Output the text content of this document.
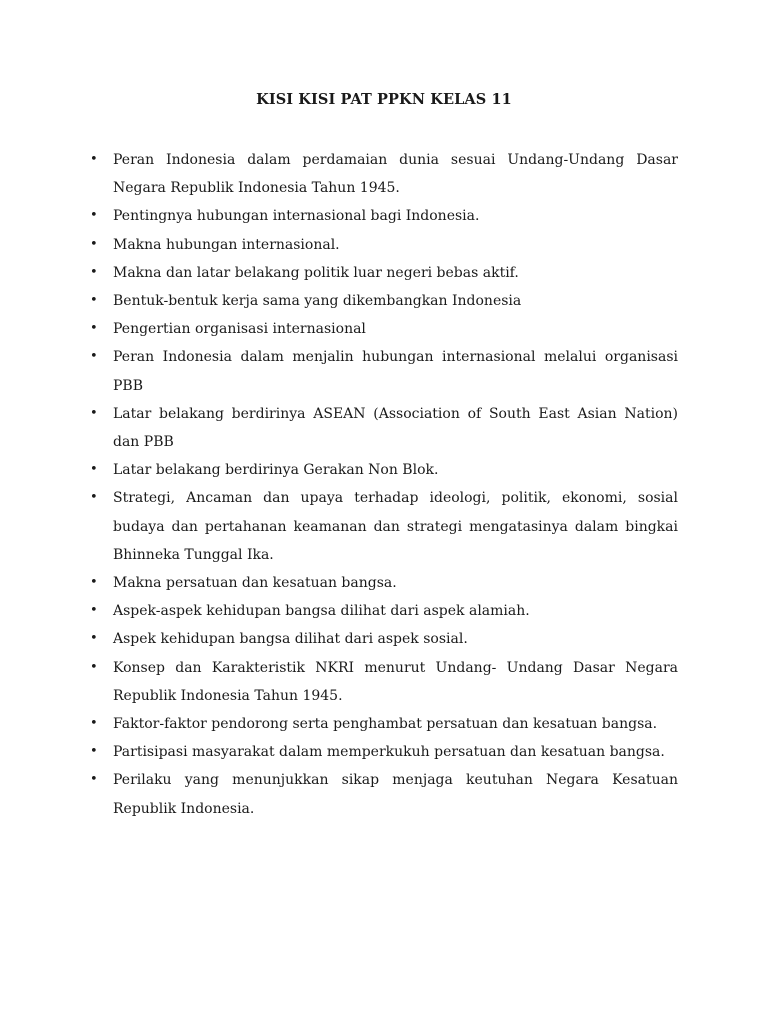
KISI KISI PAT PPKN KELAS 11
• Peran Indonesia dalam perdamaian dunia sesuai Undang-Undang Dasar Negara Republik Indonesia Tahun 1945.
• Pentingnya hubungan internasional bagi Indonesia.
• Makna hubungan internasional.
• Makna dan latar belakang politik luar negeri bebas aktif.
• Bentuk-bentuk kerja sama yang dikembangkan Indonesia
• Pengertian organisasi internasional
• Peran Indonesia dalam menjalin hubungan internasional melalui organisasi PBB
• Latar belakang berdirinya ASEAN (Association of South East Asian Nation) dan PBB
• Latar belakang berdirinya Gerakan Non Blok.
• Strategi, Ancaman dan upaya terhadap ideologi, politik, ekonomi, sosial budaya dan pertahanan keamanan dan strategi mengatasinya dalam bingkai Bhinneka Tunggal Ika.
• Makna persatuan dan kesatuan bangsa.
• Aspek-aspek kehidupan bangsa dilihat dari aspek alamiah.
• Aspek kehidupan bangsa dilihat dari aspek sosial.
• Konsep dan Karakteristik NKRI menurut Undang- Undang Dasar Negara Republik Indonesia Tahun 1945.
• Faktor-faktor pendorong serta penghambat persatuan dan kesatuan bangsa.
• Partisipasi masyarakat dalam memperkukuh persatuan dan kesatuan bangsa.
• Perilaku yang menunjukkan sikap menjaga keutuhan Negara Kesatuan Republik Indonesia.
